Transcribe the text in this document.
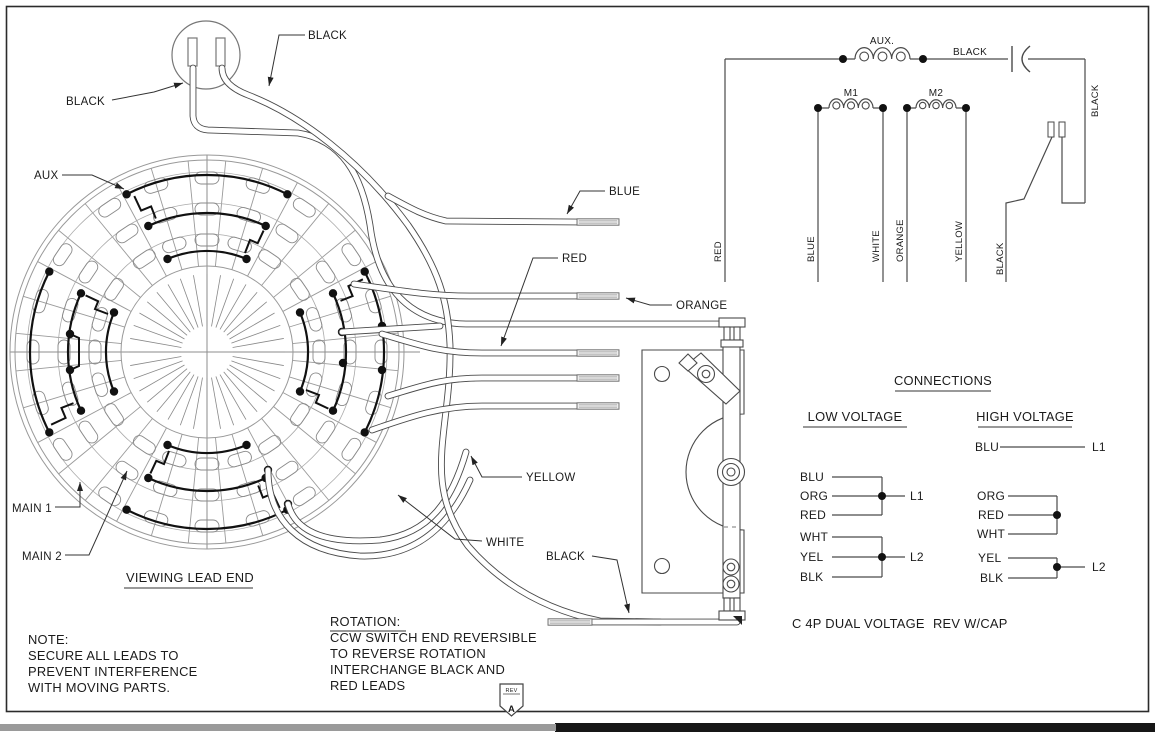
AUX.
BLACK
M1	M2
RED	BLUE	WHITE ORANGE	YELLOW	BLACK
BLACK
CONNECTIONS
LOW VOLTAGE	HIGH VOLTAGE
BLU
ORG
RED
WHT
YEL
BLK
L1
L2
BLU
ORG
RED
WHT
YEL
BLK
L1
L2
C 4P DUAL VOLTAGE REV W/CAP
AUX
BLACK
BLACK
MAIN 1
MAIN 2
BLUE
RED
ORANGE
YELLOW
WHITE
BLACK
VIEWING LEAD END
NOTE:
SECURE ALL LEADS TO
PREVENT INTERFERENCE
WITH MOVING PARTS.
ROTATION:
CCW SWITCH END REVERSIBLE
TO REVERSE ROTATION
INTERCHANGE BLACK AND
RED LEADS	REV
A
